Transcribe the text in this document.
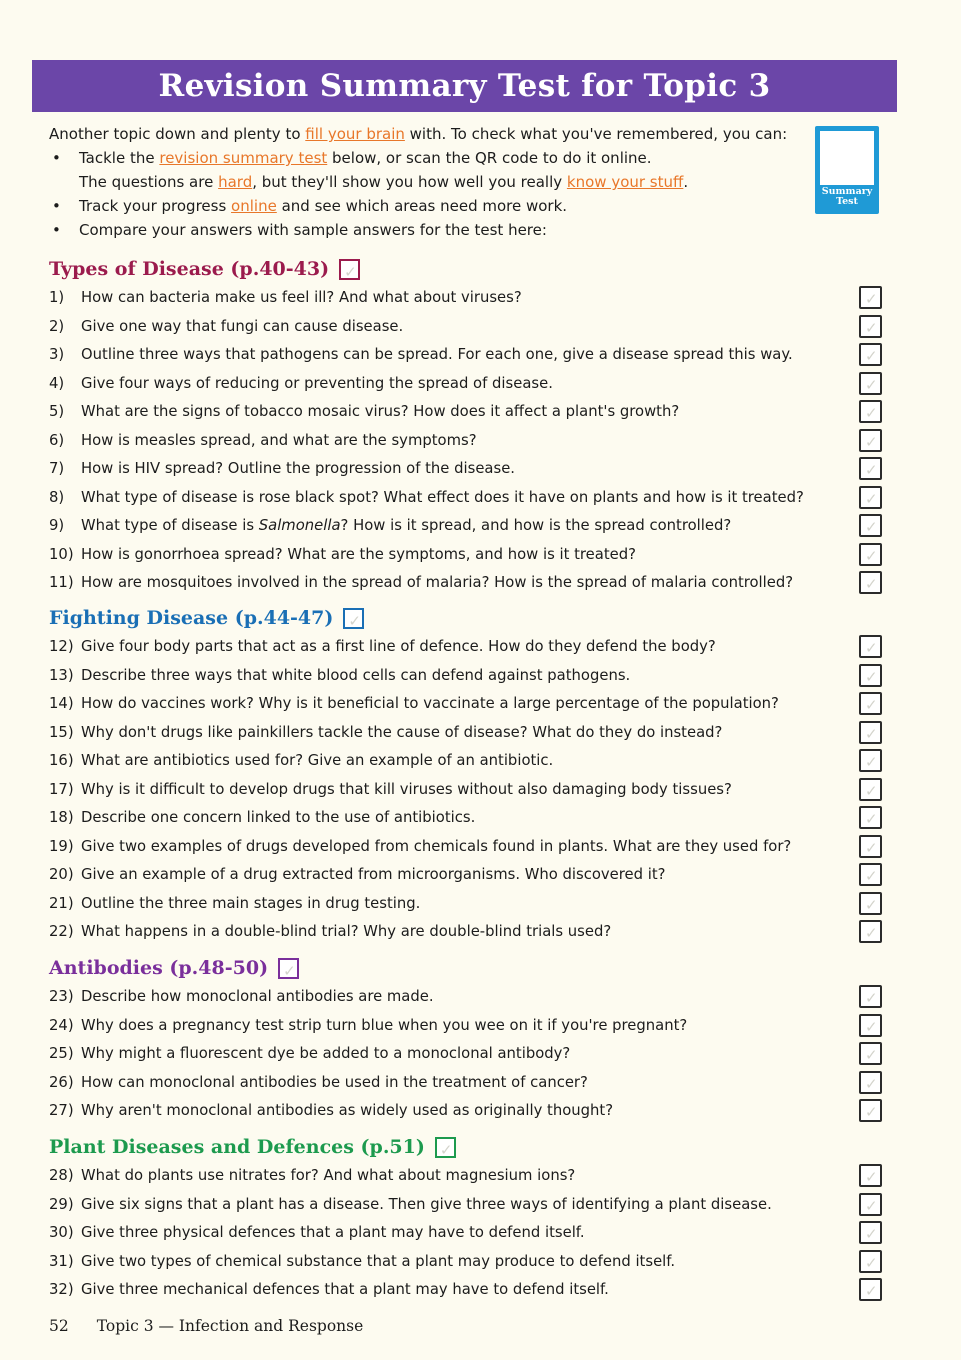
Revision Summary Test for Topic 3
Another topic down and plenty to fill your brain with. To check what you've remembered, you can:
• Tackle the revision summary test below, or scan the QR code to do it online.
The questions are hard, but they'll show you how well you really know your stuff.
• Track your progress online and see which areas need more work.
• Compare your answers with sample answers for the test here:
Summary
Test
Types of Disease (p.40-43)
✓
1) How can bacteria make us feel ill? And what about viruses?
✓
2) Give one way that fungi can cause disease.
✓
3) Outline three ways that pathogens can be spread. For each one, give a disease spread this way.
✓
4) Give four ways of reducing or preventing the spread of disease.
✓
5) What are the signs of tobacco mosaic virus? How does it affect a plant's growth?
✓
6) How is measles spread, and what are the symptoms?
✓
7) How is HIV spread? Outline the progression of the disease.
✓
8) What type of disease is rose black spot? What effect does it have on plants and how is it treated?
✓
9) What type of disease is Salmonella? How is it spread, and how is the spread controlled?
✓
10) How is gonorrhoea spread? What are the symptoms, and how is it treated?
✓
11) How are mosquitoes involved in the spread of malaria? How is the spread of malaria controlled?
✓
Fighting Disease (p.44-47)
✓
12) Give four body parts that act as a first line of defence. How do they defend the body?
✓
13) Describe three ways that white blood cells can defend against pathogens.
✓
14) How do vaccines work? Why is it beneficial to vaccinate a large percentage of the population?
✓
15) Why don't drugs like painkillers tackle the cause of disease? What do they do instead?
✓
16) What are antibiotics used for? Give an example of an antibiotic.
✓
17) Why is it difficult to develop drugs that kill viruses without also damaging body tissues?
✓
18) Describe one concern linked to the use of antibiotics.
✓
19) Give two examples of drugs developed from chemicals found in plants. What are they used for?
✓
20) Give an example of a drug extracted from microorganisms. Who discovered it?
✓
21) Outline the three main stages in drug testing.
✓
22) What happens in a double-blind trial? Why are double-blind trials used?
✓
Antibodies (p.48-50)
✓
23) Describe how monoclonal antibodies are made.
✓
24) Why does a pregnancy test strip turn blue when you wee on it if you're pregnant?
✓
25) Why might a fluorescent dye be added to a monoclonal antibody?
✓
26) How can monoclonal antibodies be used in the treatment of cancer?
✓
27) Why aren't monoclonal antibodies as widely used as originally thought?
✓
Plant Diseases and Defences (p.51)
✓
28) What do plants use nitrates for? And what about magnesium ions?
✓
29) Give six signs that a plant has a disease. Then give three ways of identifying a plant disease.
✓
30) Give three physical defences that a plant may have to defend itself.
✓
31) Give two types of chemical substance that a plant may produce to defend itself.
✓
32) Give three mechanical defences that a plant may have to defend itself.
✓
52 Topic 3 — Infection and Response
